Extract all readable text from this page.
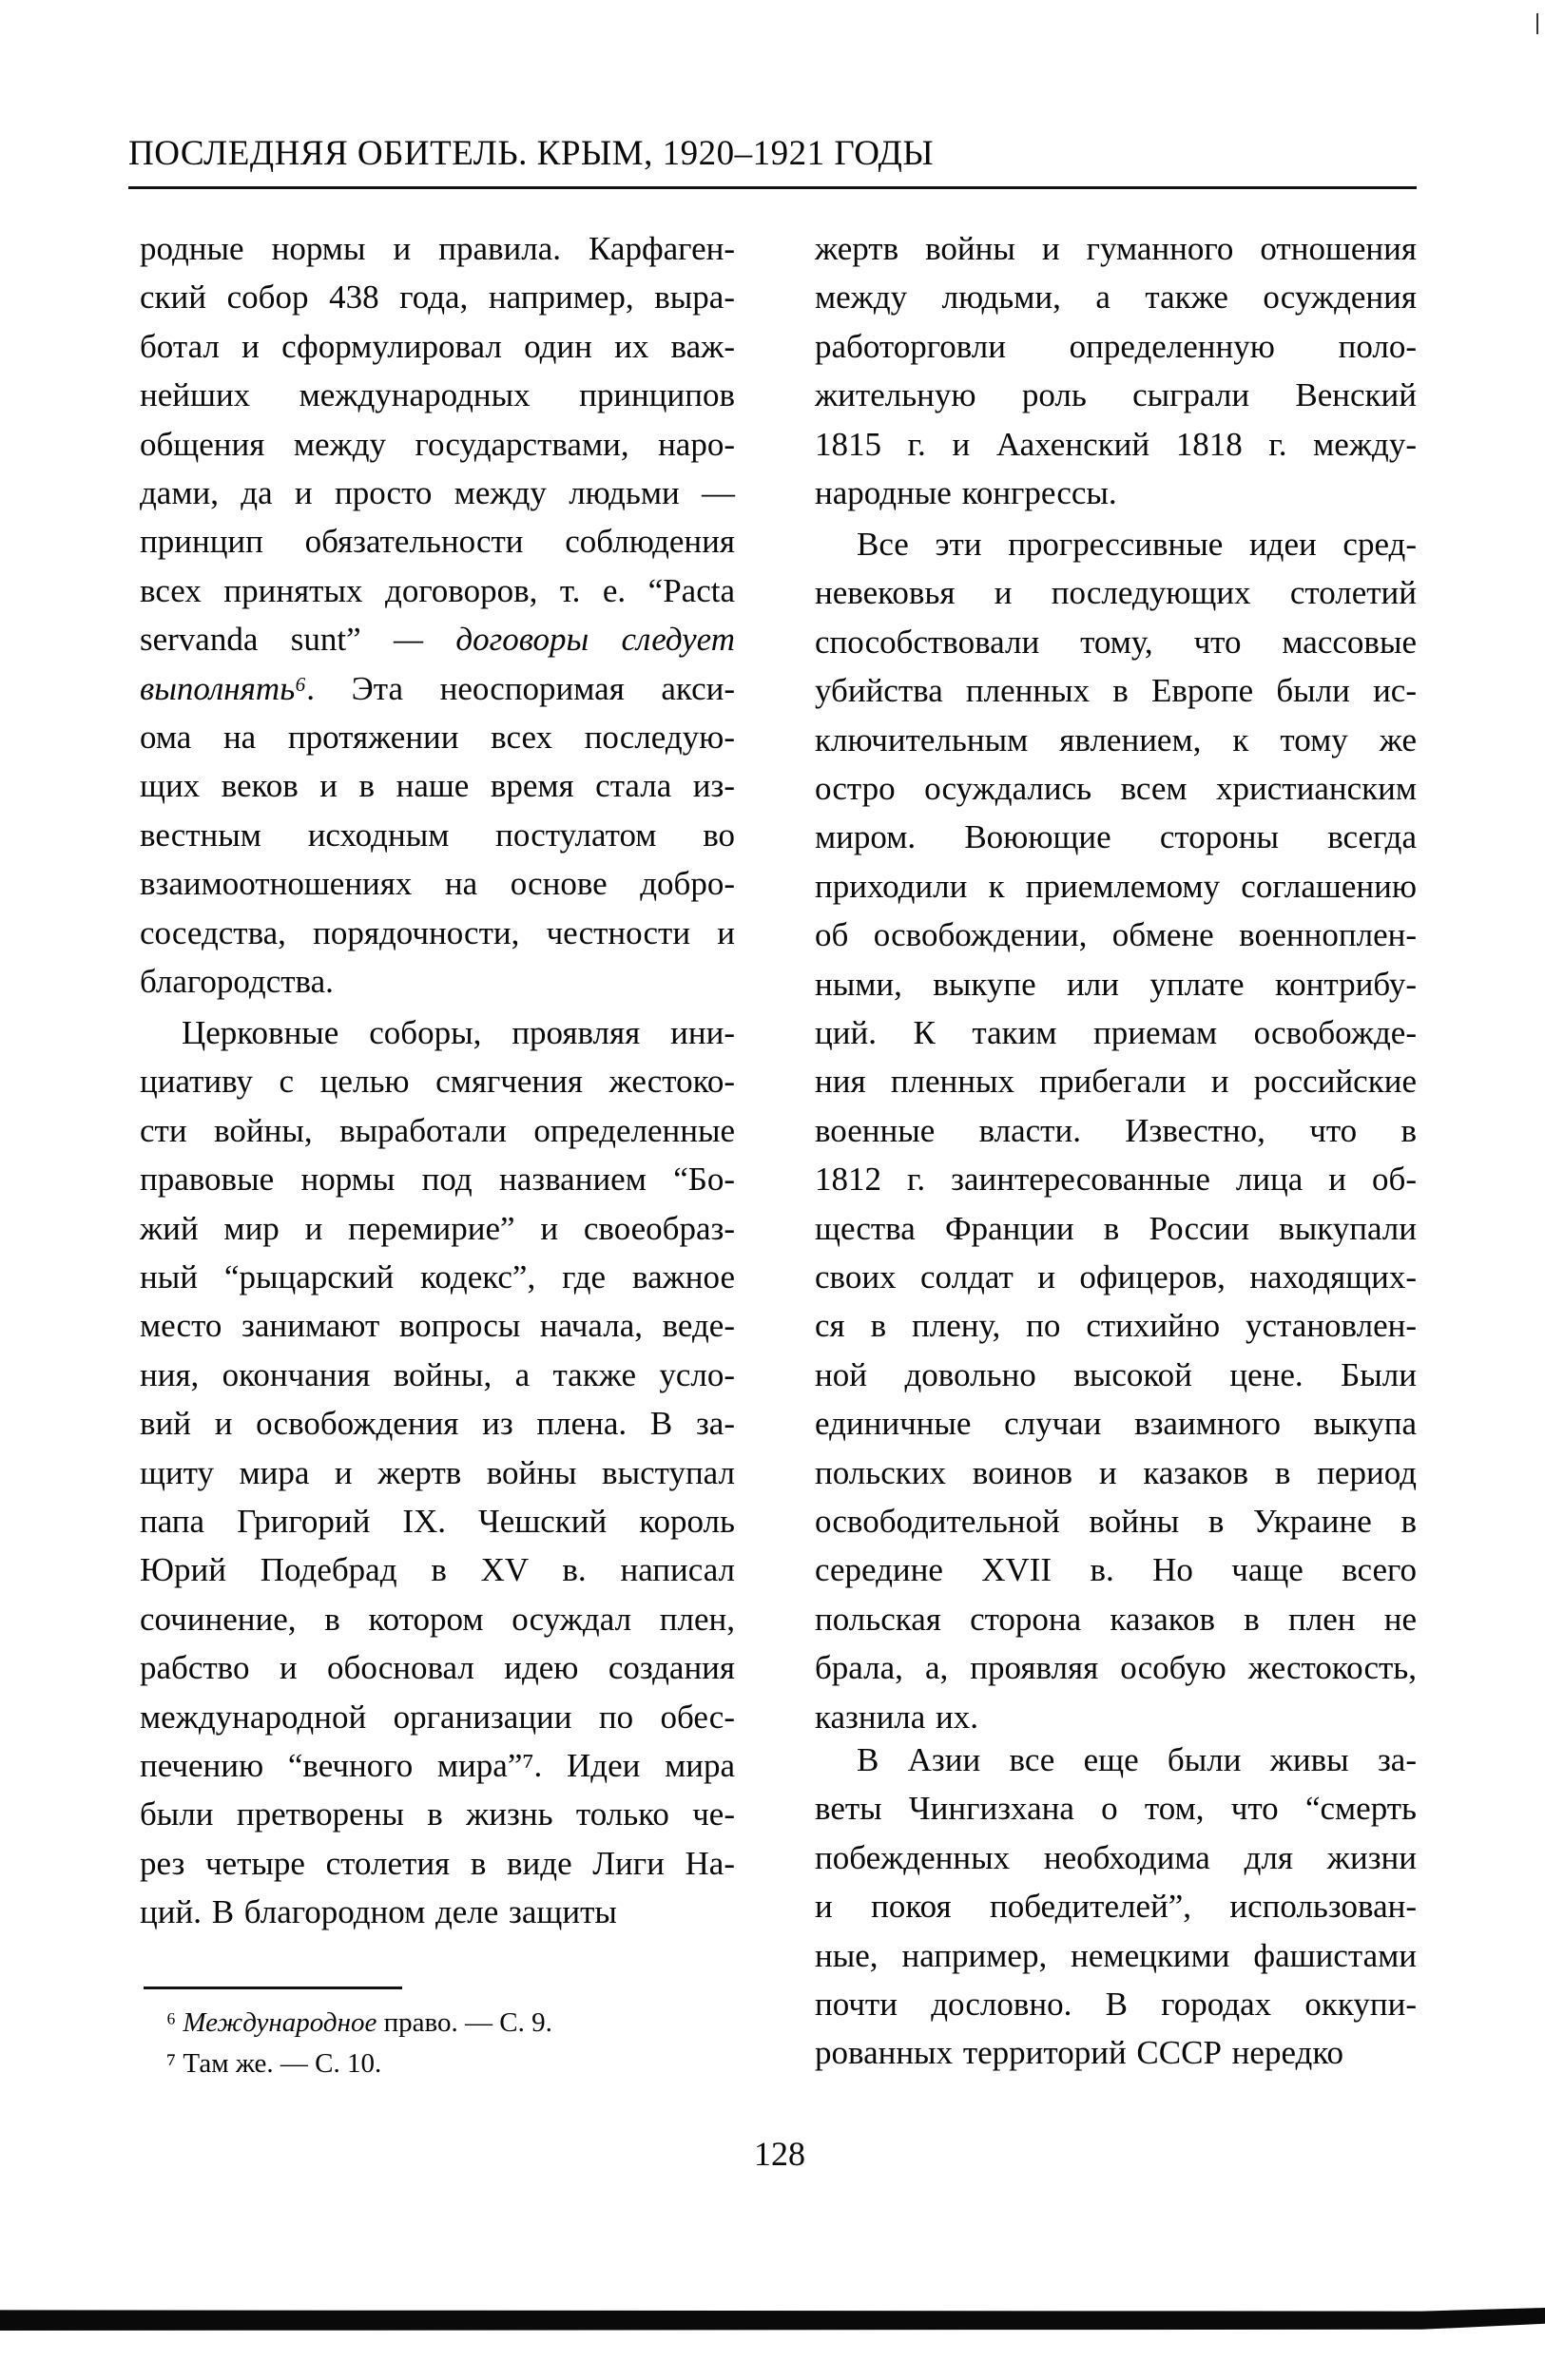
ПОСЛЕДНЯЯ ОБИТЕЛЬ. КРЫМ, 1920–1921 ГОДЫ
родные нормы и правила. Карфаген-
ский собор 438 года, например, выра-
ботал и сформулировал один их важ-
нейших международных принципов
общения между государствами, наро-
дами, да и просто между людьми —
принцип обязательности соблюдения
всех принятых договоров, т. е. “Pacta
servanda sunt” — договоры следует
выполнять⁶. Эта неоспоримая акси-
ома на протяжении всех последую-
щих веков и в наше время стала из-
вестным исходным постулатом во
взаимоотношениях на основе добро-
соседства, порядочности, честности и
благородства.
Церковные соборы, проявляя ини-
циативу с целью смягчения жестоко-
сти войны, выработали определенные
правовые нормы под названием “Бо-
жий мир и перемирие” и своеобраз-
ный “рыцарский кодекс”, где важное
место занимают вопросы начала, веде-
ния, окончания войны, а также усло-
вий и освобождения из плена. В за-
щиту мира и жертв войны выступал
папа Григорий IX. Чешский король
Юрий Подебрад в XV в. написал
сочинение, в котором осуждал плен,
рабство и обосновал идею создания
международной организации по обес-
печению “вечного мира”⁷. Идеи мира
были претворены в жизнь только че-
рез четыре столетия в виде Лиги На-
ций. В благородном деле защиты
жертв войны и гуманного отношения
между людьми, а также осуждения
работорговли определенную поло-
жительную роль сыграли Венский
1815 г. и Аахенский 1818 г. между-
народные конгрессы.
Все эти прогрессивные идеи сред-
невековья и последующих столетий
способствовали тому, что массовые
убийства пленных в Европе были ис-
ключительным явлением, к тому же
остро осуждались всем христианским
миром. Воюющие стороны всегда
приходили к приемлемому соглашению
об освобождении, обмене военноплен-
ными, выкупе или уплате контрибу-
ций. К таким приемам освобожде-
ния пленных прибегали и российские
военные власти. Известно, что в
1812 г. заинтересованные лица и об-
щества Франции в России выкупали
своих солдат и офицеров, находящих-
ся в плену, по стихийно установлен-
ной довольно высокой цене. Были
единичные случаи взаимного выкупа
польских воинов и казаков в период
освободительной войны в Украине в
середине XVII в. Но чаще всего
польская сторона казаков в плен не
брала, а, проявляя особую жестокость,
казнила их.
В Азии все еще были живы за-
веты Чингизхана о том, что “смерть
побежденных необходима для жизни
и покоя победителей”, использован-
ные, например, немецкими фашистами
почти дословно. В городах оккупи-
рованных территорий СССР нередко
⁶ Международное право. — С. 9.
⁷ Там же. — С. 10.
128
